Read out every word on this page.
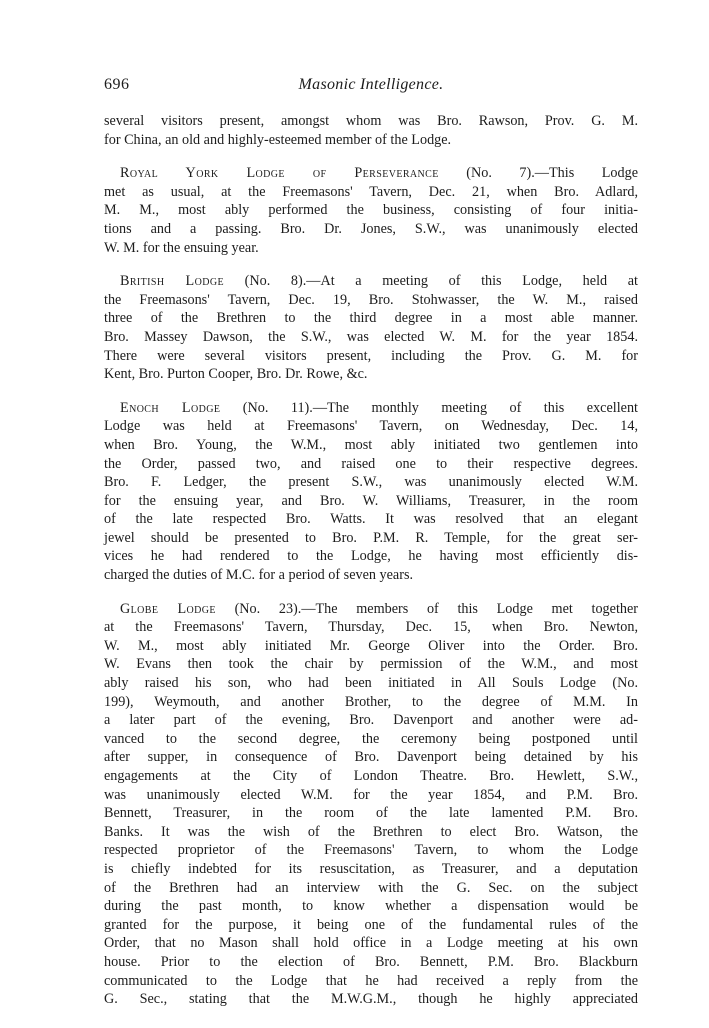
696	Masonic Intelligence.

several visitors present, amongst whom was Bro. Rawson, Prov. G. M.
for China, an old and highly-esteemed member of the Lodge.

Royal York Lodge of Perseverance (No. 7).—This Lodge
met as usual, at the Freemasons' Tavern, Dec. 21, when Bro. Adlard,
M. M., most ably performed the business, consisting of four initia-
tions and a passing. Bro. Dr. Jones, S.W., was unanimously elected
W. M. for the ensuing year.

British Lodge (No. 8).—At a meeting of this Lodge, held at
the Freemasons' Tavern, Dec. 19, Bro. Stohwasser, the W. M., raised
three of the Brethren to the third degree in a most able manner.
Bro. Massey Dawson, the S.W., was elected W. M. for the year 1854.
There were several visitors present, including the Prov. G. M. for
Kent, Bro. Purton Cooper, Bro. Dr. Rowe, &c.

Enoch Lodge (No. 11).—The monthly meeting of this excellent
Lodge was held at Freemasons' Tavern, on Wednesday, Dec. 14,
when Bro. Young, the W.M., most ably initiated two gentlemen into
the Order, passed two, and raised one to their respective degrees.
Bro. F. Ledger, the present S.W., was unanimously elected W.M.
for the ensuing year, and Bro. W. Williams, Treasurer, in the room
of the late respected Bro. Watts. It was resolved that an elegant
jewel should be presented to Bro. P.M. R. Temple, for the great ser-
vices he had rendered to the Lodge, he having most efficiently dis-
charged the duties of M.C. for a period of seven years.

Globe Lodge (No. 23).—The members of this Lodge met together
at the Freemasons' Tavern, Thursday, Dec. 15, when Bro. Newton,
W. M., most ably initiated Mr. George Oliver into the Order. Bro.
W. Evans then took the chair by permission of the W.M., and most
ably raised his son, who had been initiated in All Souls Lodge (No.
199), Weymouth, and another Brother, to the degree of M.M. In
a later part of the evening, Bro. Davenport and another were ad-
vanced to the second degree, the ceremony being postponed until
after supper, in consequence of Bro. Davenport being detained by his
engagements at the City of London Theatre. Bro. Hewlett, S.W.,
was unanimously elected W.M. for the year 1854, and P.M. Bro.
Bennett, Treasurer, in the room of the late lamented P.M. Bro.
Banks. It was the wish of the Brethren to elect Bro. Watson, the
respected proprietor of the Freemasons' Tavern, to whom the Lodge
is chiefly indebted for its resuscitation, as Treasurer, and a deputation
of the Brethren had an interview with the G. Sec. on the subject
during the past month, to know whether a dispensation would be
granted for the purpose, it being one of the fundamental rules of the
Order, that no Mason shall hold office in a Lodge meeting at his own
house. Prior to the election of Bro. Bennett, P.M. Bro. Blackburn
communicated to the Lodge that he had received a reply from the
G. Sec., stating that the M.W.G.M., though he highly appreciated
